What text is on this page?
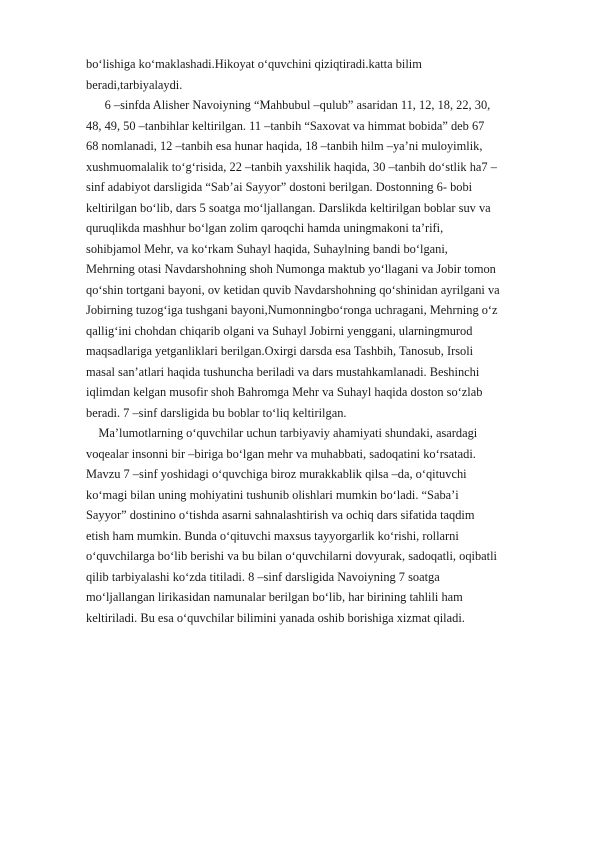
bo‘lishiga ko‘maklashadi.Hikoyat o‘quvchini qiziqtiradi.katta bilim
beradi,tarbiyalaydi.
6 –sinfda Alisher Navoiyning “Mahbubul –qulub” asaridan 11, 12, 18, 22, 30,
48, 49, 50 –tanbihlar keltirilgan. 11 –tanbih “Saxovat va himmat bobida” deb 67
68 nomlanadi, 12 –tanbih esa hunar haqida, 18 –tanbih hilm –ya’ni muloyimlik,
xushmuomalalik to‘g‘risida, 22 –tanbih yaxshilik haqida, 30 –tanbih do‘stlik ha7 –
sinf adabiyot darsligida “Sab’ai Sayyor” dostoni berilgan. Dostonning 6- bobi
keltirilgan bo‘lib, dars 5 soatga mo‘ljallangan. Darslikda keltirilgan boblar suv va
quruqlikda mashhur bo‘lgan zolim qaroqchi hamda uningmakoni ta’rifi,
sohibjamol Mehr, va ko‘rkam Suhayl haqida, Suhaylning bandi bo‘lgani,
Mehrning otasi Navdarshohning shoh Numonga maktub yo‘llagani va Jobir tomon
qo‘shin tortgani bayoni, ov ketidan quvib Navdarshohning qo‘shinidan ayrilgani va
Jobirning tuzog‘iga tushgani bayoni,Numonningbo‘ronga uchragani, Mehrning o‘z
qallig‘ini chohdan chiqarib olgani va Suhayl Jobirni yenggani, ularningmurod
maqsadlariga yetganliklari berilgan.Oxirgi darsda esa Tashbih, Tanosub, Irsoli
masal san’atlari haqida tushuncha beriladi va dars mustahkamlanadi. Beshinchi
iqlimdan kelgan musofir shoh Bahromga Mehr va Suhayl haqida doston so‘zlab
beradi. 7 –sinf darsligida bu boblar to‘liq keltirilgan.
Ma’lumotlarning o‘quvchilar uchun tarbiyaviy ahamiyati shundaki, asardagi
voqealar insonni bir –biriga bo‘lgan mehr va muhabbati, sadoqatini ko‘rsatadi.
Mavzu 7 –sinf yoshidagi o‘quvchiga biroz murakkablik qilsa –da, o‘qituvchi
ko‘magi bilan uning mohiyatini tushunib olishlari mumkin bo‘ladi. “Saba’i
Sayyor” dostinino o‘tishda asarni sahnalashtirish va ochiq dars sifatida taqdim
etish ham mumkin. Bunda o‘qituvchi maxsus tayyorgarlik ko‘rishi, rollarni
o‘quvchilarga bo‘lib berishi va bu bilan o‘quvchilarni dovyurak, sadoqatli, oqibatli
qilib tarbiyalashi ko‘zda titiladi. 8 –sinf darsligida Navoiyning 7 soatga
mo‘ljallangan lirikasidan namunalar berilgan bo‘lib, har birining tahlili ham
keltiriladi. Bu esa o‘quvchilar bilimini yanada oshib borishiga xizmat qiladi.
